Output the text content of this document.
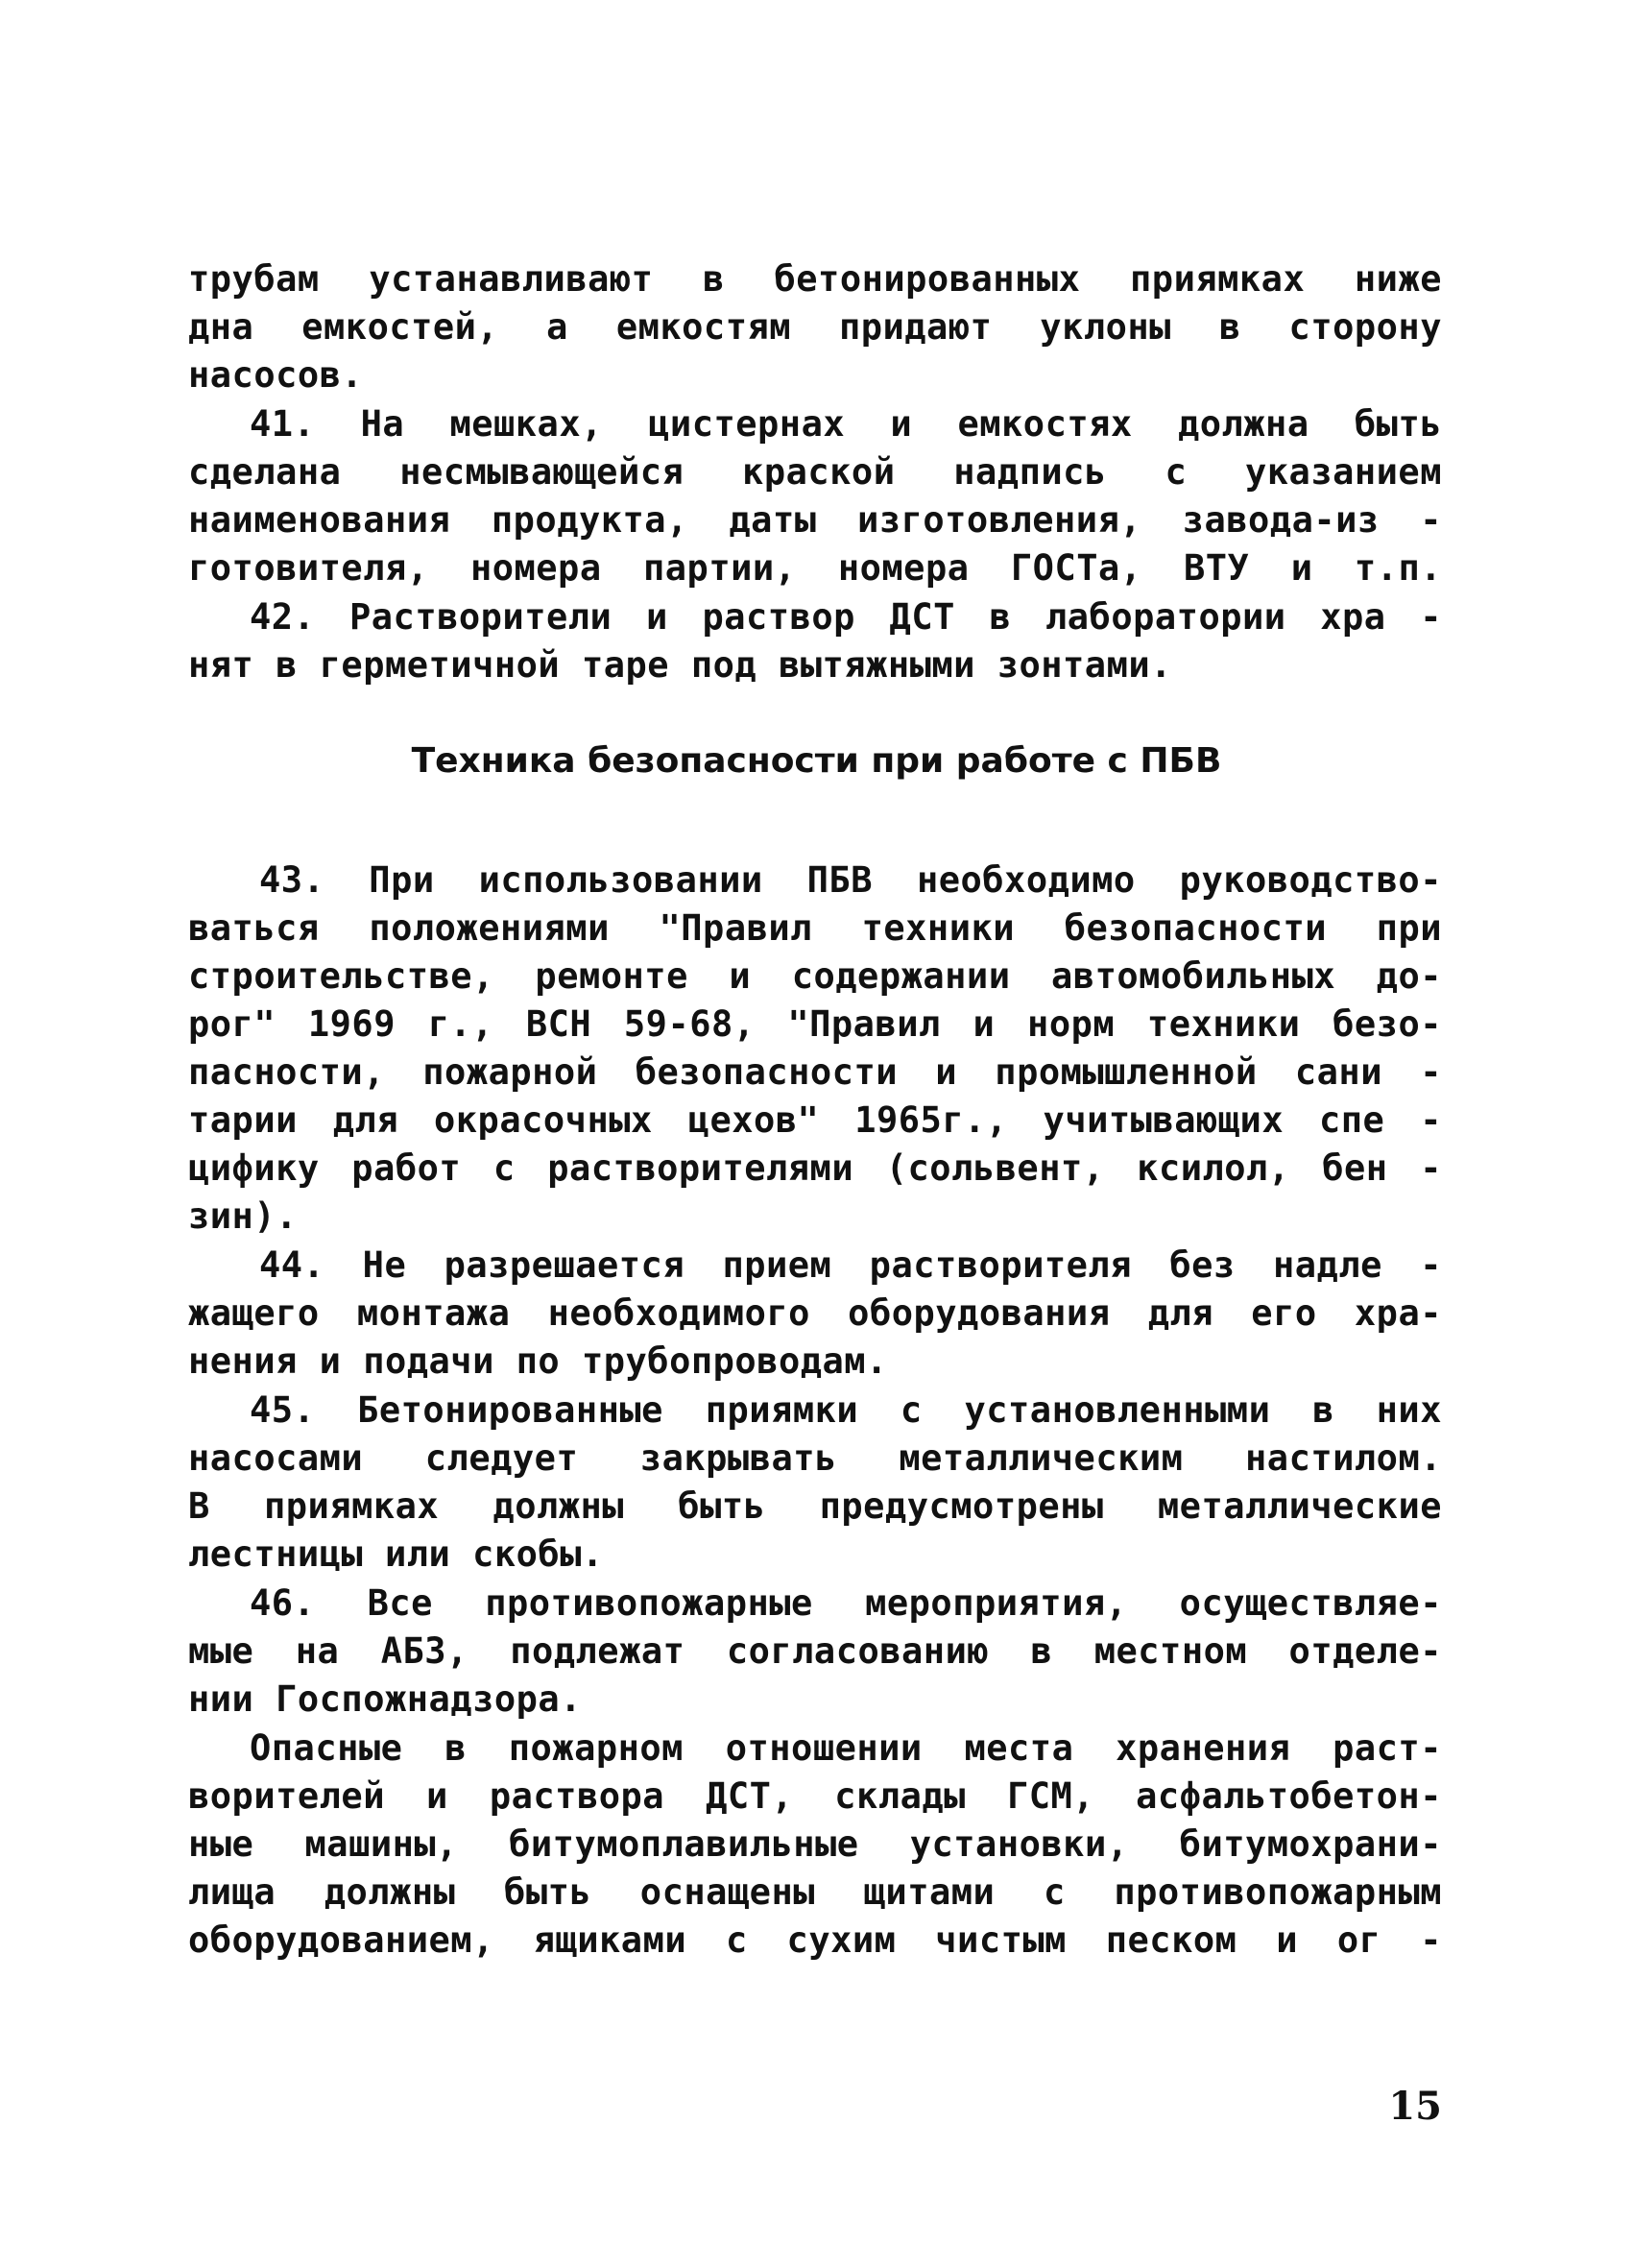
трубам устанавливают в бетонированных приямках ниже
дна емкостей, а емкостям придают уклоны в сторону
насосов.
41. На мешках, цистернах и емкостях должна быть
сделана несмывающейся краской надпись с указанием
наименования продукта, даты изготовления, завода-из -
готовителя, номера партии, номера ГОСТа, ВТУ и т.п.
42. Растворители и раствор ДСТ в лаборатории хра -
нят в герметичной таре под вытяжными зонтами.
Техника безопасности при работе с ПБВ
43. При использовании ПБВ необходимо руководство-
ваться положениями "Правил техники безопасности при
строительстве, ремонте и содержании автомобильных до-
рог" 1969 г., ВСН 59-68, "Правил и норм техники безо-
пасности, пожарной безопасности и промышленной сани -
тарии для окрасочных цехов" 1965г., учитывающих спе -
цифику работ с растворителями (сольвент, ксилол, бен -
зин).
44. Не разрешается прием растворителя без надле -
жащего монтажа необходимого оборудования для его хра-
нения и подачи по трубопроводам.
45. Бетонированные приямки с установленными в них
насосами следует закрывать металлическим настилом.
В приямках должны быть предусмотрены металлические
лестницы или скобы.
46. Все противопожарные мероприятия, осуществляе-
мые на АБЗ, подлежат согласованию в местном отделе-
нии Госпожнадзора.
Опасные в пожарном отношении места хранения раст-
ворителей и раствора ДСТ, склады ГСМ, асфальтобетон-
ные машины, битумоплавильные установки, битумохрани-
лища должны быть оснащены щитами с противопожарным
оборудованием, ящиками с сухим чистым песком и ог -
15
